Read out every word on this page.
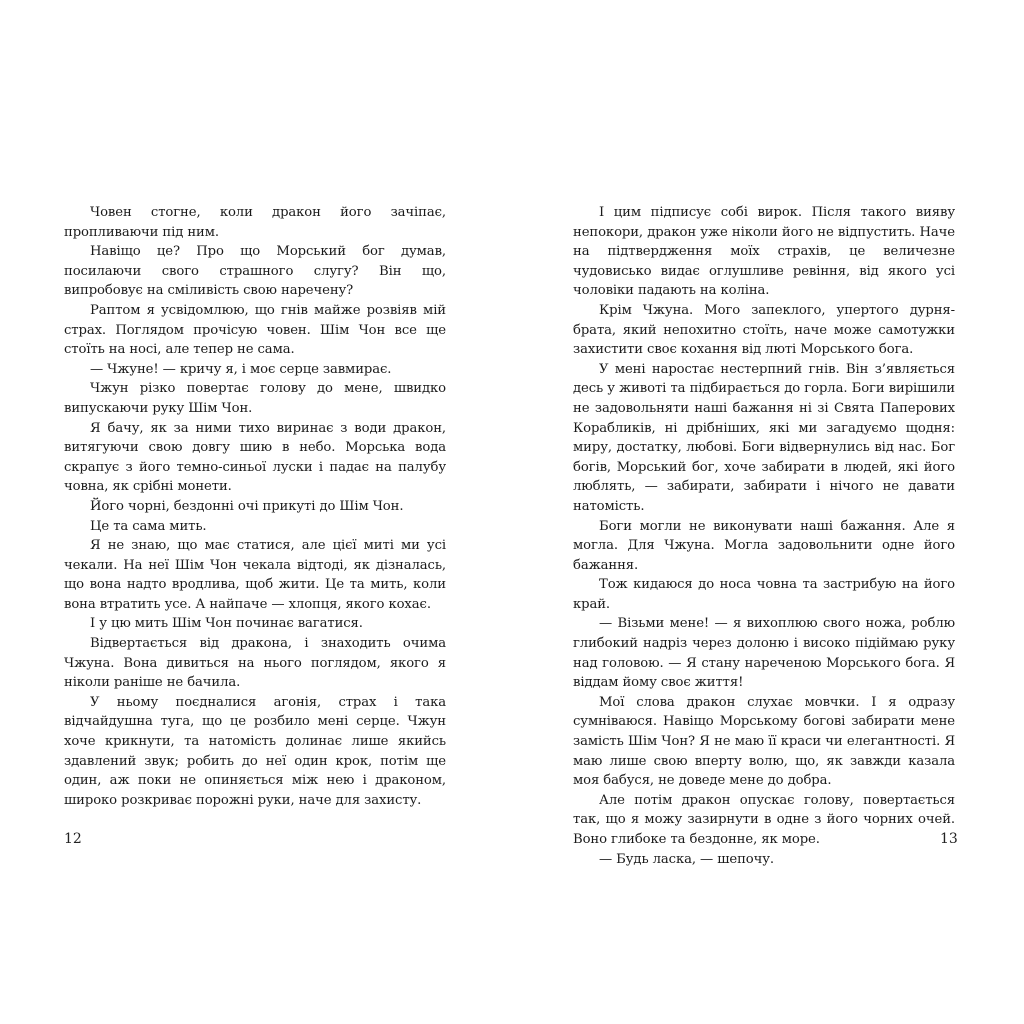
Човен стогне, коли дракон його зачіпає, пропливаючи під ним.

Навіщо це? Про що Морський бог думав, посилаючи свого страшного слугу? Він що, випробовує на сміливість свою наречену?

Раптом я усвідомлюю, що гнів майже розвіяв мій страх. Поглядом прочісую човен. Шім Чон все ще стоїть на носі, але тепер не сама.

— Чжуне! — кричу я, і моє серце завмирає.

Чжун різко повертає голову до мене, швидко випускаючи руку Шім Чон.

Я бачу, як за ними тихо виринає з води дракон, витягуючи свою довгу шию в небо. Морська вода скрапує з його темно-синьої луски і падає на палубу човна, як срібні монети.

Його чорні, бездонні очі прикуті до Шім Чон.

Це та сама мить.

Я не знаю, що має статися, але цієї миті ми усі чекали. На неї Шім Чон чекала відтоді, як дізналась, що вона надто вродлива, щоб жити. Це та мить, коли вона втратить усе. А найпаче — хлопця, якого кохає.

І у цю мить Шім Чон починає вагатися.

Відвертається від дракона, і знаходить очима Чжуна. Вона дивиться на нього поглядом, якого я ніколи раніше не бачила.

У ньому поєдналися агонія, страх і така відчайдушна туга, що це розбило мені серце. Чжун хоче крикнути, та натомість долинає лише якийсь здавлений звук; робить до неї один крок, потім ще один, аж поки не опиняється між нею і драконом, широко розкриває порожні руки, наче для захисту.

12

І цим підписує собі вирок. Після такого вияву непокори, дракон уже ніколи його не відпустить. Наче на підтвердження моїх страхів, це величезне чудовисько видає оглушливе ревіння, від якого усі чоловіки падають на коліна.

Крім Чжуна. Мого запеклого, упертого дурня-брата, який непохитно стоїть, наче може самотужки захистити своє кохання від люті Морського бога.

У мені наростає нестерпний гнів. Він з’являється десь у животі та підбирається до горла. Боги вирішили не задовольняти наші бажання ні зі Свята Паперових Корабликів, ні дрібніших, які ми загадуємо щодня: миру, достатку, любові. Боги відвернулись від нас. Бог богів, Морський бог, хоче забирати в людей, які його люблять, — забирати, забирати і нічого не давати натомість.

Боги могли не виконувати наші бажання. Але я могла. Для Чжуна. Могла задовольнити одне його бажання.

Тож кидаюся до носа човна та застрибую на його край.

— Візьми мене! — я вихоплюю свого ножа, роблю глибокий надріз через долоню і високо підіймаю руку над головою. — Я стану нареченою Морського бога. Я віддам йому своє життя!

Мої слова дракон слухає мовчки. І я одразу сумніваюся. Навіщо Морському богові забирати мене замість Шім Чон? Я не маю її краси чи елегантності. Я маю лише свою вперту волю, що, як завжди казала моя бабуся, не доведе мене до добра.

Але потім дракон опускає голову, повертається так, що я можу зазирнути в одне з його чорних очей. Воно глибоке та бездонне, як море.

— Будь ласка, — шепочу.

13
